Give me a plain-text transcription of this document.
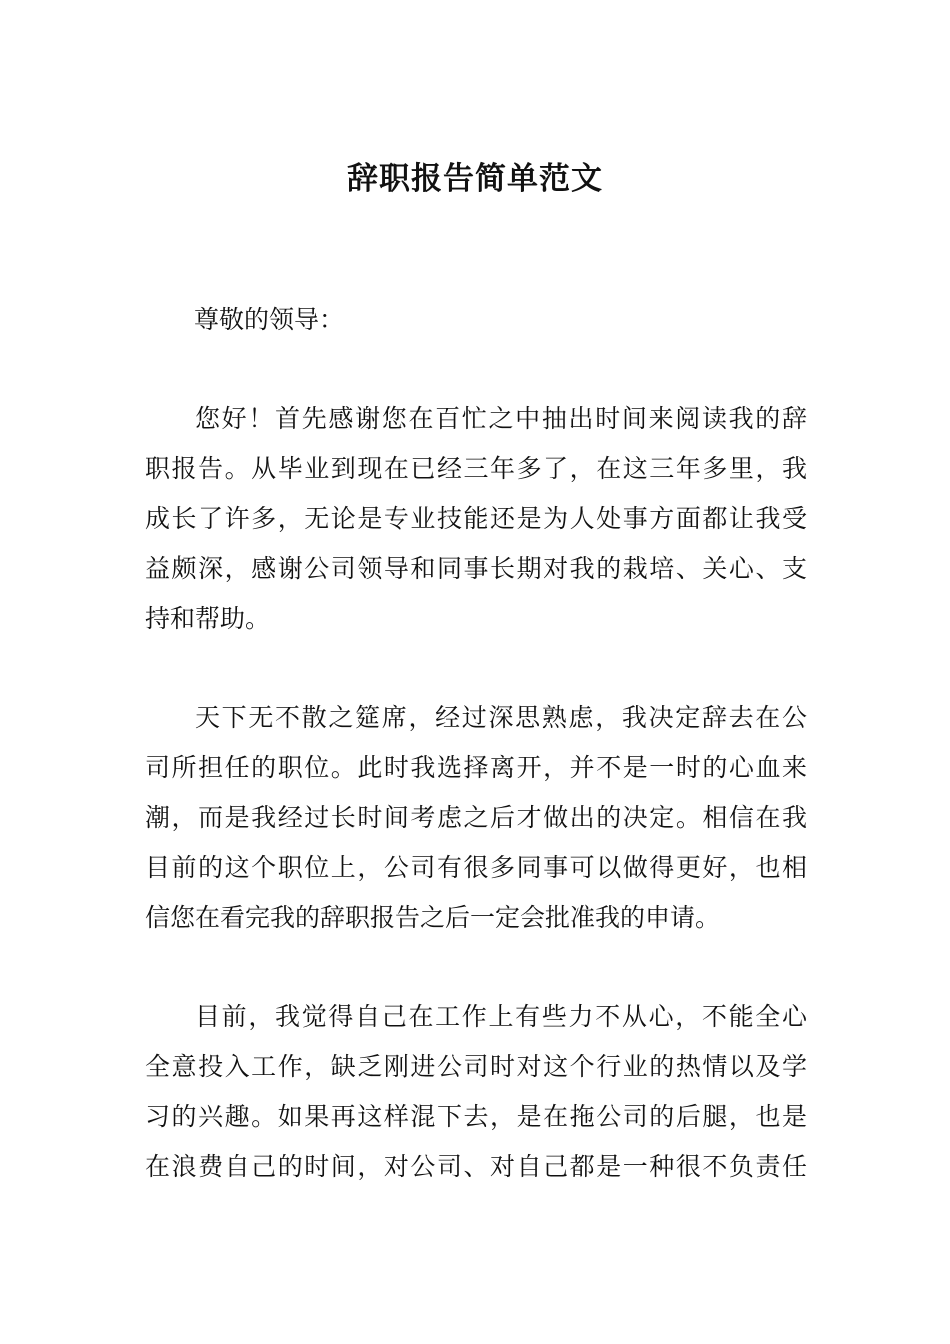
辞职报告简单范文
尊敬的领导：
您好！首先感谢您在百忙之中抽出时间来阅读我的辞
职报告。从毕业到现在已经三年多了，在这三年多里，我
成长了许多，无论是专业技能还是为人处事方面都让我受
益颇深，感谢公司领导和同事长期对我的栽培、关心、支
持和帮助。
天下无不散之筵席，经过深思熟虑，我决定辞去在公
司所担任的职位。此时我选择离开，并不是一时的心血来
潮，而是我经过长时间考虑之后才做出的决定。相信在我
目前的这个职位上，公司有很多同事可以做得更好，也相
信您在看完我的辞职报告之后一定会批准我的申请。
目前，我觉得自己在工作上有些力不从心，不能全心
全意投入工作，缺乏刚进公司时对这个行业的热情以及学
习的兴趣。如果再这样混下去，是在拖公司的后腿，也是
在浪费自己的时间，对公司、对自己都是一种很不负责任
